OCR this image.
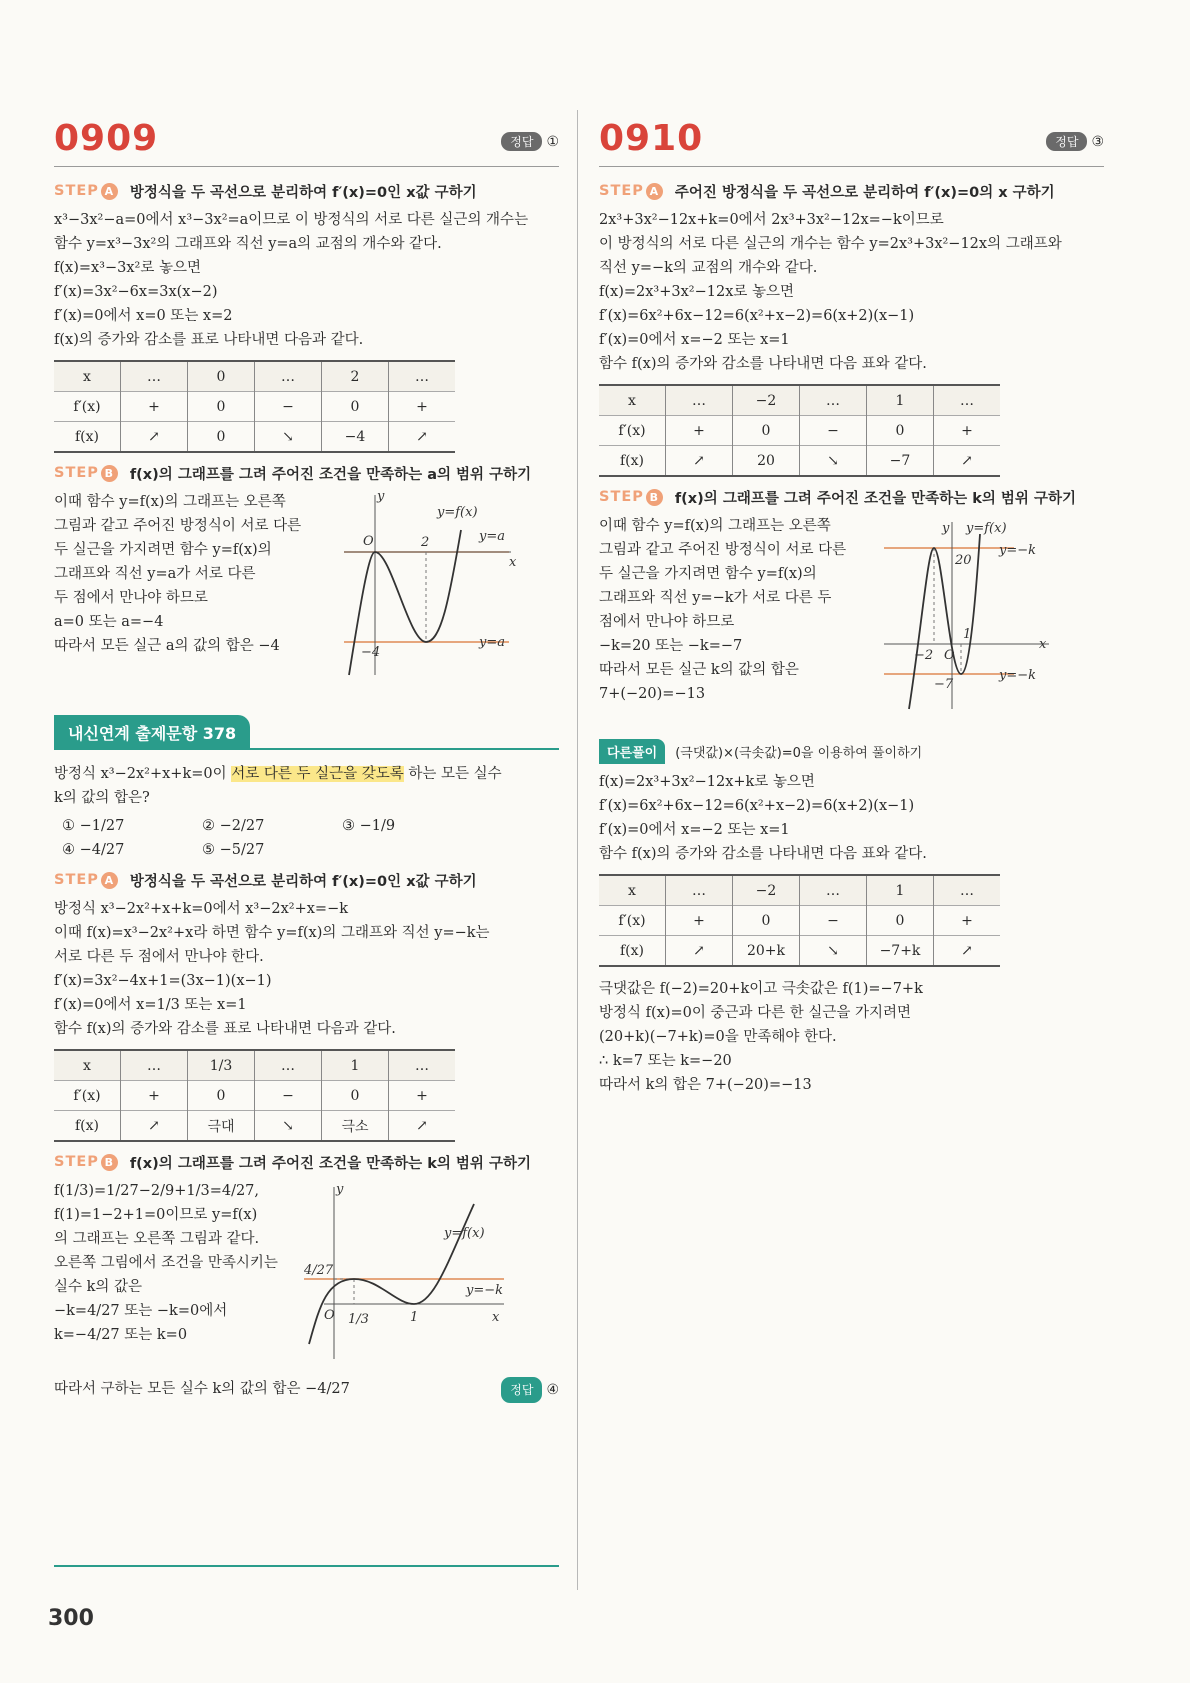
0909	정답 ①
STEP A 방정식을 두 곡선으로 분리하여 f′(x)=0인 x값 구하기
x³−3x²−a=0에서 x³−3x²=a이므로 이 방정식의 서로 다른 실근의 개수는
함수 y=x³−3x²의 그래프와 직선 y=a의 교점의 개수와 같다.
f(x)=x³−3x²로 놓으면
f′(x)=3x²−6x=3x(x−2)
f′(x)=0에서 x=0 또는 x=2
f(x)의 증가와 감소를 표로 나타내면 다음과 같다.
x	…	0	…	2	…
f′(x)	+	0	−	0	+
f(x)	↗	0	↘	−4	↗
STEP B f(x)의 그래프를 그려 주어진 조건을 만족하는 a의 범위 구하기
이때 함수 y=f(x)의 그래프는 오른쪽
그림과 같고 주어진 방정식이 서로 다른
두 실근을 가지려면 함수 y=f(x)의
그래프와 직선 y=a가 서로 다른
두 점에서 만나야 하므로
a=0 또는 a=−4
따라서 모든 실근 a의 값의 합은 −4
y
x
O	2
y=f(x)
y=a
y=a
−4
내신연계 출제문항 378
방정식 x³−2x²+x+k=0이 서로 다른 두 실근을 갖도록 하는 모든 실수
k의 값의 합은?
① −1/27	② −2/27	③ −1/9
④ −4/27	⑤ −5/27
STEP A 방정식을 두 곡선으로 분리하여 f′(x)=0인 x값 구하기
방정식 x³−2x²+x+k=0에서 x³−2x²+x=−k
이때 f(x)=x³−2x²+x라 하면 함수 y=f(x)의 그래프와 직선 y=−k는
서로 다른 두 점에서 만나야 한다.
f′(x)=3x²−4x+1=(3x−1)(x−1)
f′(x)=0에서 x=1/3 또는 x=1
함수 f(x)의 증가와 감소를 표로 나타내면 다음과 같다.
x	…	1/3	…	1	…
f′(x)	+	0	−	0	+
f(x)	↗	극대	↘	극소	↗
STEP B f(x)의 그래프를 그려 주어진 조건을 만족하는 k의 범위 구하기
f(1/3)=1/27−2/9+1/3=4/27,
f(1)=1−2+1=0이므로 y=f(x)
의 그래프는 오른쪽 그림과 같다.
오른쪽 그림에서 조건을 만족시키는
실수 k의 값은
−k=4/27 또는 −k=0에서
k=−4/27 또는 k=0
y
x
O
y=f(x)
y=−k
4/27
1/3	1
따라서 구하는 모든 실수 k의 값의 합은 −4/27	정답 ④
0910	정답 ③
STEP A 주어진 방정식을 두 곡선으로 분리하여 f′(x)=0의 x 구하기
2x³+3x²−12x+k=0에서 2x³+3x²−12x=−k이므로
이 방정식의 서로 다른 실근의 개수는 함수 y=2x³+3x²−12x의 그래프와
직선 y=−k의 교점의 개수와 같다.
f(x)=2x³+3x²−12x로 놓으면
f′(x)=6x²+6x−12=6(x²+x−2)=6(x+2)(x−1)
f′(x)=0에서 x=−2 또는 x=1
함수 f(x)의 증가와 감소를 나타내면 다음 표와 같다.
x	…	−2	…	1	…
f′(x)	+	0	−	0	+
f(x)	↗	20	↘	−7	↗
STEP B f(x)의 그래프를 그려 주어진 조건을 만족하는 k의 범위 구하기
이때 함수 y=f(x)의 그래프는 오른쪽
그림과 같고 주어진 방정식이 서로 다른
두 실근을 가지려면 함수 y=f(x)의
그래프와 직선 y=−k가 서로 다른 두
점에서 만나야 하므로
−k=20 또는 −k=−7
따라서 모든 실근 k의 값의 합은
7+(−20)=−13
y
x
O
y=f(x)
y=−k
y=−k
20
−2
1
−7
다른풀이	(극댓값)×(극솟값)=0을 이용하여 풀이하기
f(x)=2x³+3x²−12x+k로 놓으면
f′(x)=6x²+6x−12=6(x²+x−2)=6(x+2)(x−1)
f′(x)=0에서 x=−2 또는 x=1
함수 f(x)의 증가와 감소를 나타내면 다음 표와 같다.
x	…	−2	…	1	…
f′(x)	+	0	−	0	+
f(x)	↗	20+k	↘	−7+k	↗
극댓값은 f(−2)=20+k이고 극솟값은 f(1)=−7+k
방정식 f(x)=0이 중근과 다른 한 실근을 가지려면
(20+k)(−7+k)=0을 만족해야 한다.
∴ k=7 또는 k=−20
따라서 k의 합은 7+(−20)=−13
300
